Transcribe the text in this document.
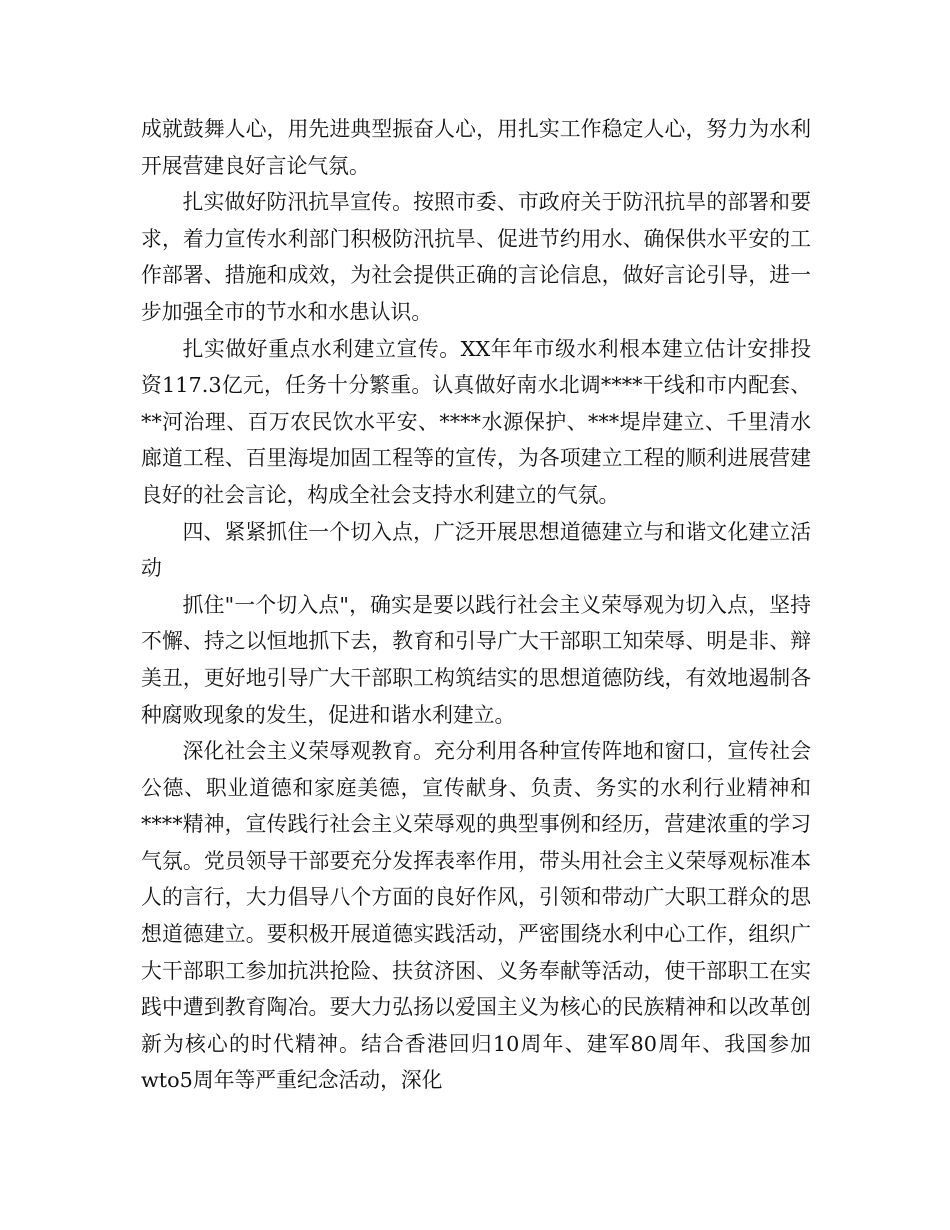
成就鼓舞人心，用先进典型振奋人心，用扎实工作稳定人心，努力为水利开展营建良好言论气氛。

扎实做好防汛抗旱宣传。按照市委、市政府关于防汛抗旱的部署和要求，着力宣传水利部门积极防汛抗旱、促进节约用水、确保供水平安的工作部署、措施和成效，为社会提供正确的言论信息，做好言论引导，进一步加强全市的节水和水患认识。

扎实做好重点水利建立宣传。XX年年市级水利根本建立估计安排投资117.3亿元，任务十分繁重。认真做好南水北调****干线和市内配套、**河治理、百万农民饮水平安、****水源保护、***堤岸建立、千里清水廊道工程、百里海堤加固工程等的宣传，为各项建立工程的顺利进展营建良好的社会言论，构成全社会支持水利建立的气氛。

四、紧紧抓住一个切入点，广泛开展思想道德建立与和谐文化建立活动

抓住"一个切入点"，确实是要以践行社会主义荣辱观为切入点，坚持不懈、持之以恒地抓下去，教育和引导广大干部职工知荣辱、明是非、辩美丑，更好地引导广大干部职工构筑结实的思想道德防线，有效地遏制各种腐败现象的发生，促进和谐水利建立。

深化社会主义荣辱观教育。充分利用各种宣传阵地和窗口，宣传社会公德、职业道德和家庭美德，宣传献身、负责、务实的水利行业精神和****精神，宣传践行社会主义荣辱观的典型事例和经历，营建浓重的学习气氛。党员领导干部要充分发挥表率作用，带头用社会主义荣辱观标准本人的言行，大力倡导八个方面的良好作风，引领和带动广大职工群众的思想道德建立。要积极开展道德实践活动，严密围绕水利中心工作，组织广大干部职工参加抗洪抢险、扶贫济困、义务奉献等活动，使干部职工在实践中遭到教育陶冶。要大力弘扬以爱国主义为核心的民族精神和以改革创新为核心的时代精神。结合香港回归10周年、建军80周年、我国参加wto5周年等严重纪念活动，深化
